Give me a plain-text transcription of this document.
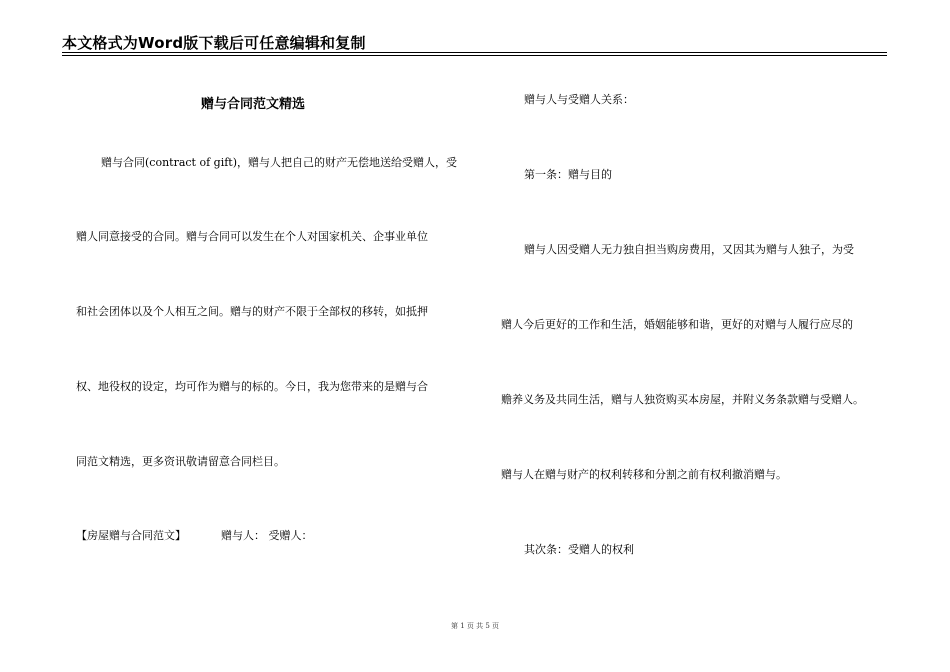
本文格式为Word版下载后可任意编辑和复制
赠与合同范文精选
赠与合同(contract of gift)，赠与人把自己的财产无偿地送给受赠人，受
赠人同意接受的合同。赠与合同可以发生在个人对国家机关、企事业单位
和社会团体以及个人相互之间。赠与的财产不限于全部权的移转，如抵押
权、地役权的设定，均可作为赠与的标的。今日，我为您带来的是赠与合
同范文精选，更多资讯敬请留意合同栏目。
【房屋赠与合同范文】	赠与人： 受赠人：
赠与人与受赠人关系：
第一条：赠与目的
赠与人因受赠人无力独自担当购房费用，又因其为赠与人独子，为受
赠人今后更好的工作和生活，婚姻能够和谐，更好的对赠与人履行应尽的
赡养义务及共同生活，赠与人独资购买本房屋，并附义务条款赠与受赠人。
赠与人在赠与财产的权利转移和分割之前有权利撤消赠与。
其次条：受赠人的权利
第 1 页 共 5 页
